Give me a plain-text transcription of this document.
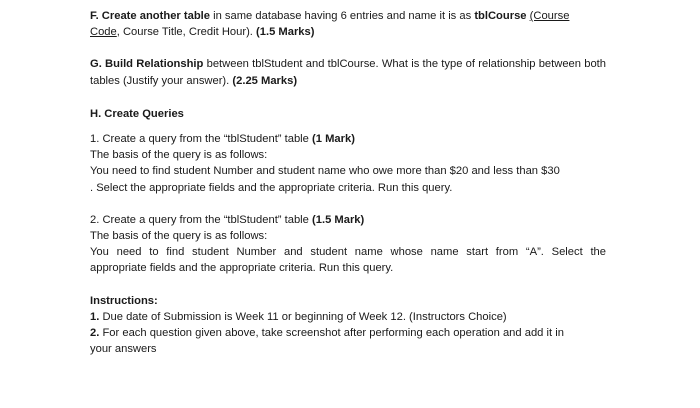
F. Create another table in same database having 6 entries and name it is as tblCourse (Course
Code, Course Title, Credit Hour). (1.5 Marks)
G. Build Relationship between tblStudent and tblCourse. What is the type of relationship between both tables (Justify your answer). (2.25 Marks)
H. Create Queries
1. Create a query from the “tblStudent” table (1 Mark)
The basis of the query is as follows:
You need to find student Number and student name who owe more than $20 and less than $30
. Select the appropriate fields and the appropriate criteria. Run this query.
2. Create a query from the “tblStudent” table (1.5 Mark)
The basis of the query is as follows:
You need to find student Number and student name whose name start from “A”. Select the
appropriate fields and the appropriate criteria. Run this query.
Instructions:
1. Due date of Submission is Week 11 or beginning of Week 12. (Instructors Choice)
2. For each question given above, take screenshot after performing each operation and add it in
your answers
